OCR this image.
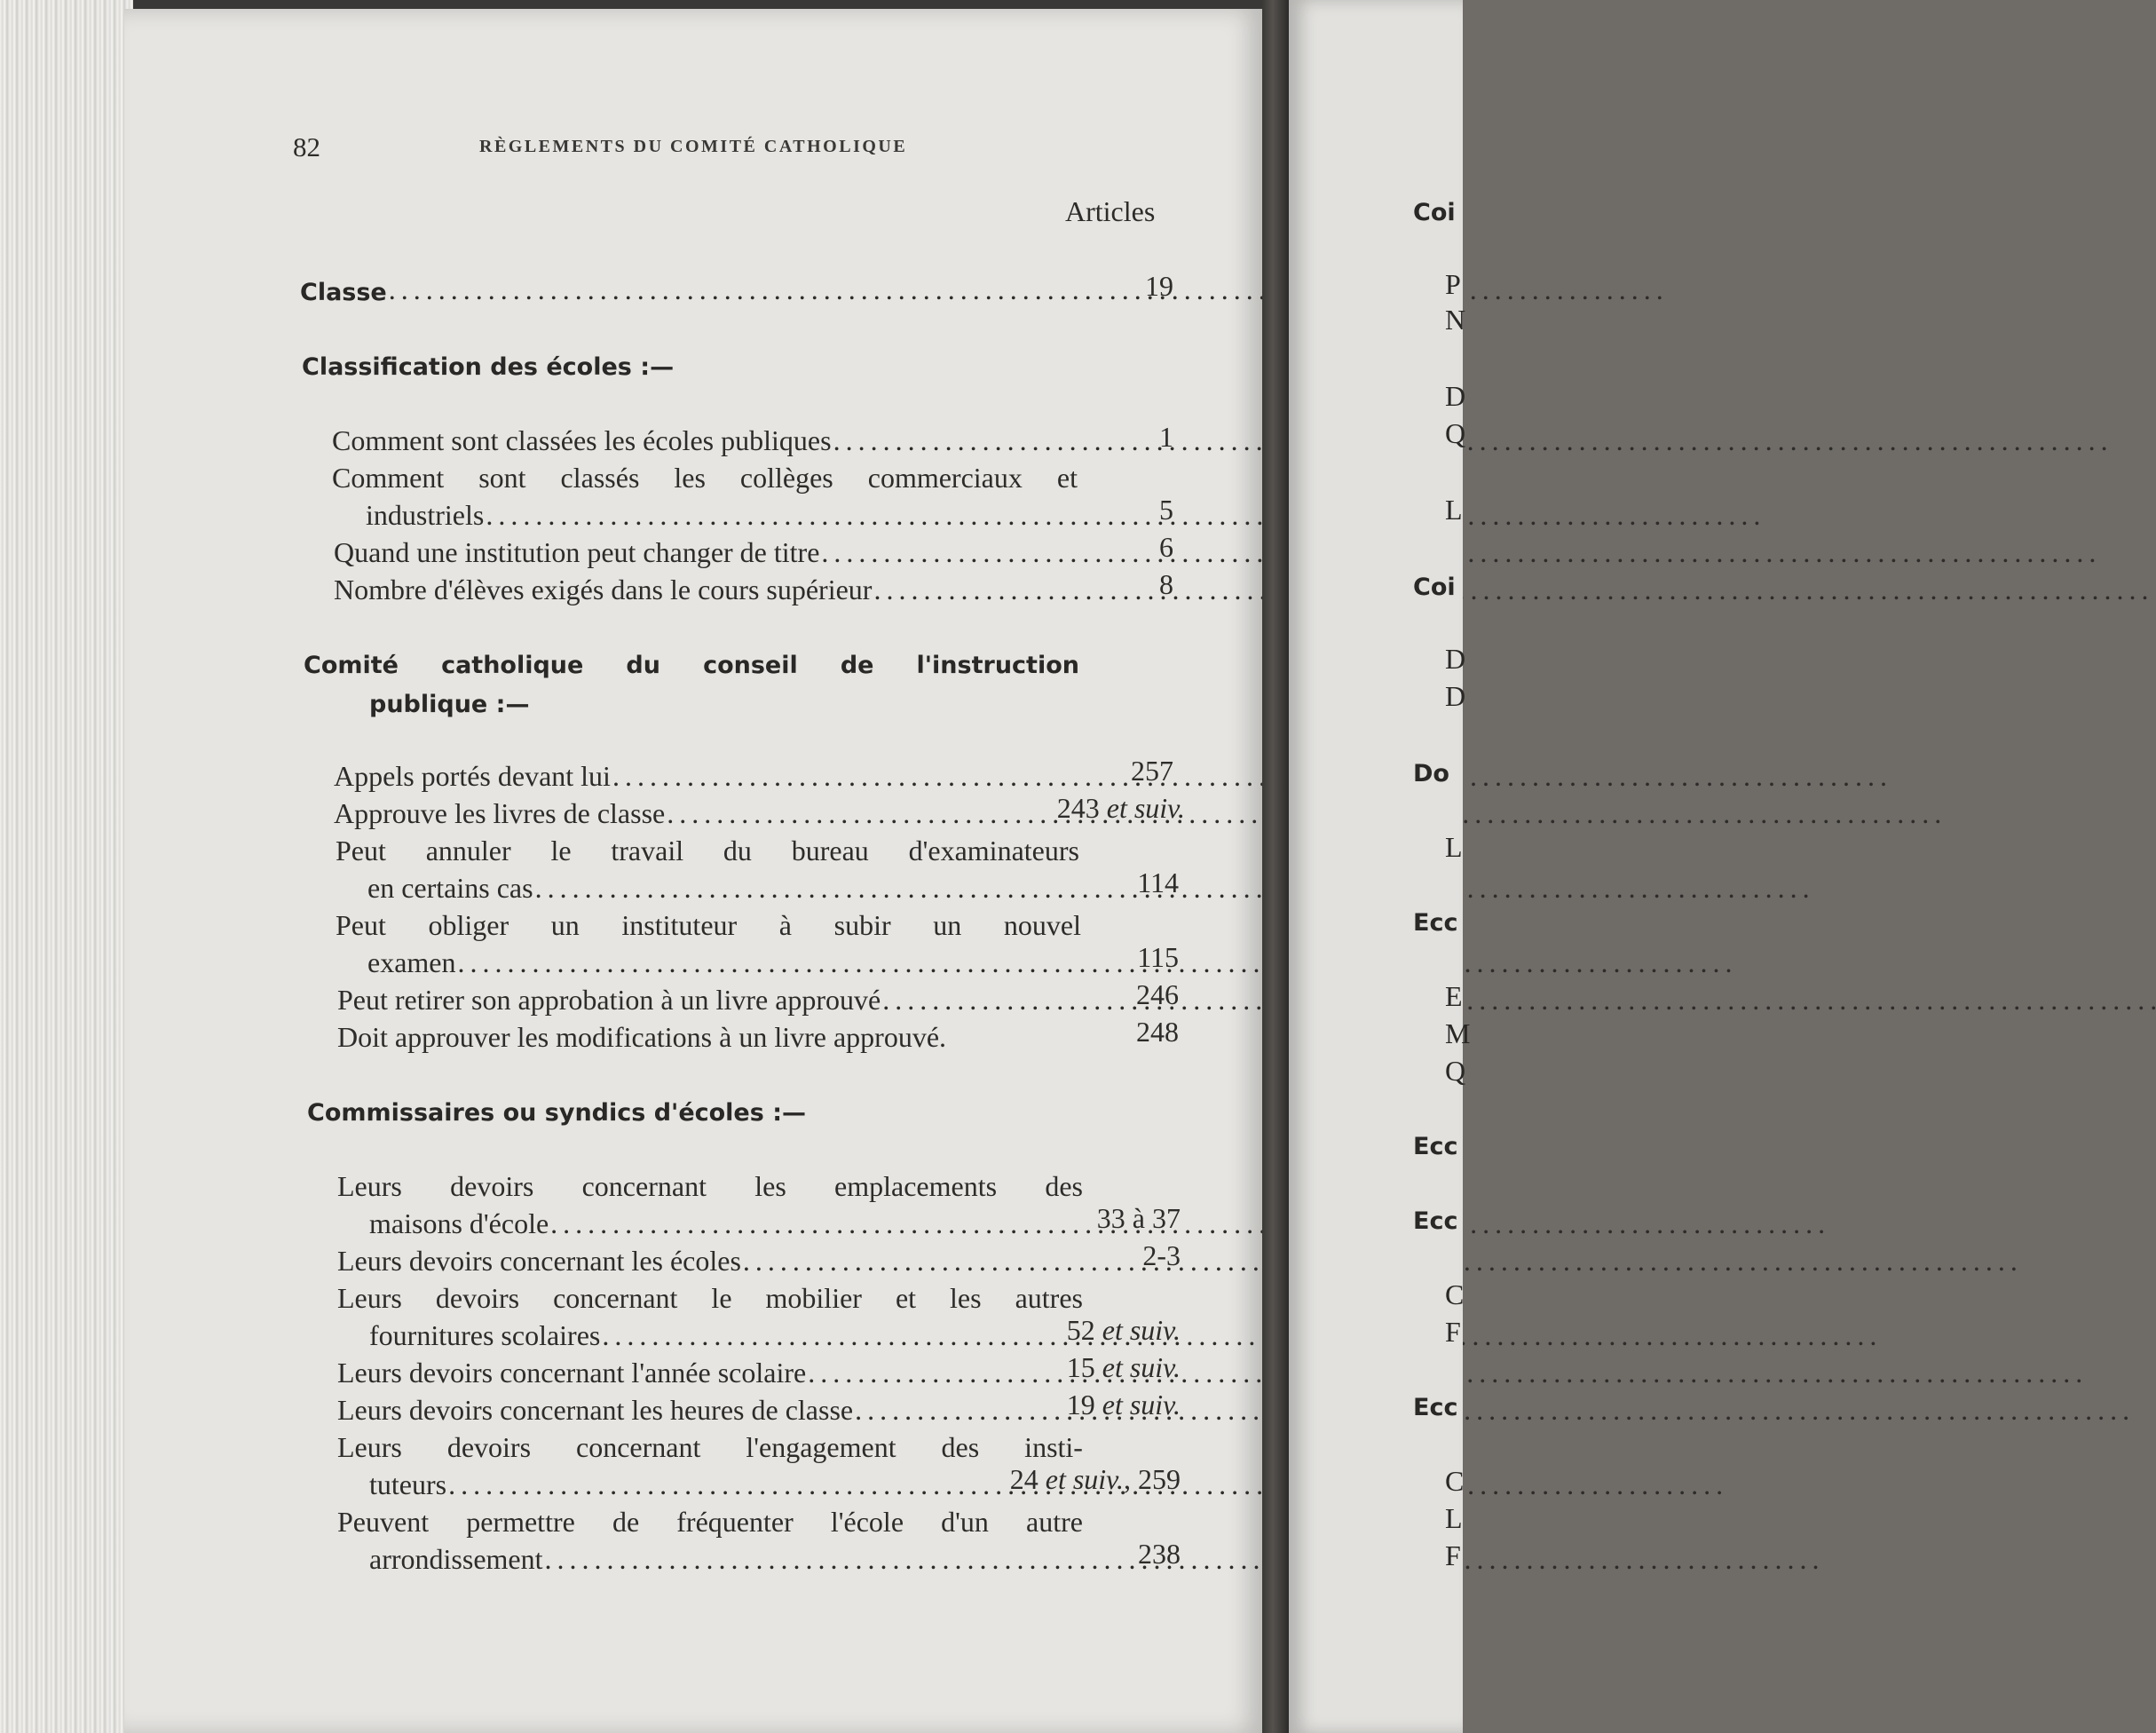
82	RÈGLEMENTS DU COMITÉ CATHOLIQUE
Articles
Classe . . .	19
Classification des écoles :—
Comment sont classées les écoles publiques . . .	1
Comment sont classés les collèges commerciaux et
industriels . . .	5
Quand une institution peut changer de titre . . .	6
Nombre d'élèves exigés dans le cours supérieur . . .	8
Comité catholique du conseil de l'instruction
publique :—
Appels portés devant lui . . .	257
Approuve les livres de classe . . .	243 et suiv.
Peut annuler le travail du bureau d'examinateurs
en certains cas . . .	114
Peut obliger un instituteur à subir un nouvel
examen . . .	115
Peut retirer son approbation à un livre approuvé . . .	246
Doit approuver les modifications à un livre approuvé.	248
Commissaires ou syndics d'écoles :—
Leurs devoirs concernant les emplacements des
maisons d'école . . .	33 à 37
Leurs devoirs concernant les écoles . . .	2-3
Leurs devoirs concernant le mobilier et les autres
fournitures scolaires . . .	52 et suiv.
Leurs devoirs concernant l'année scolaire . . .	15 et suiv.
Leurs devoirs concernant les heures de classe . . .	19 et suiv.
Leurs devoirs concernant l'engagement des insti-
tuteurs . . .	24 et suiv., 259
Peuvent permettre de fréquenter l'école d'un autre
arrondissement . . .	238
Coi
P
N
D
Q
L
Coi
D
D
Do
L
Ecc
E
M
Q
Ecc
Ecc
C
F
Ecc
C
L
F
